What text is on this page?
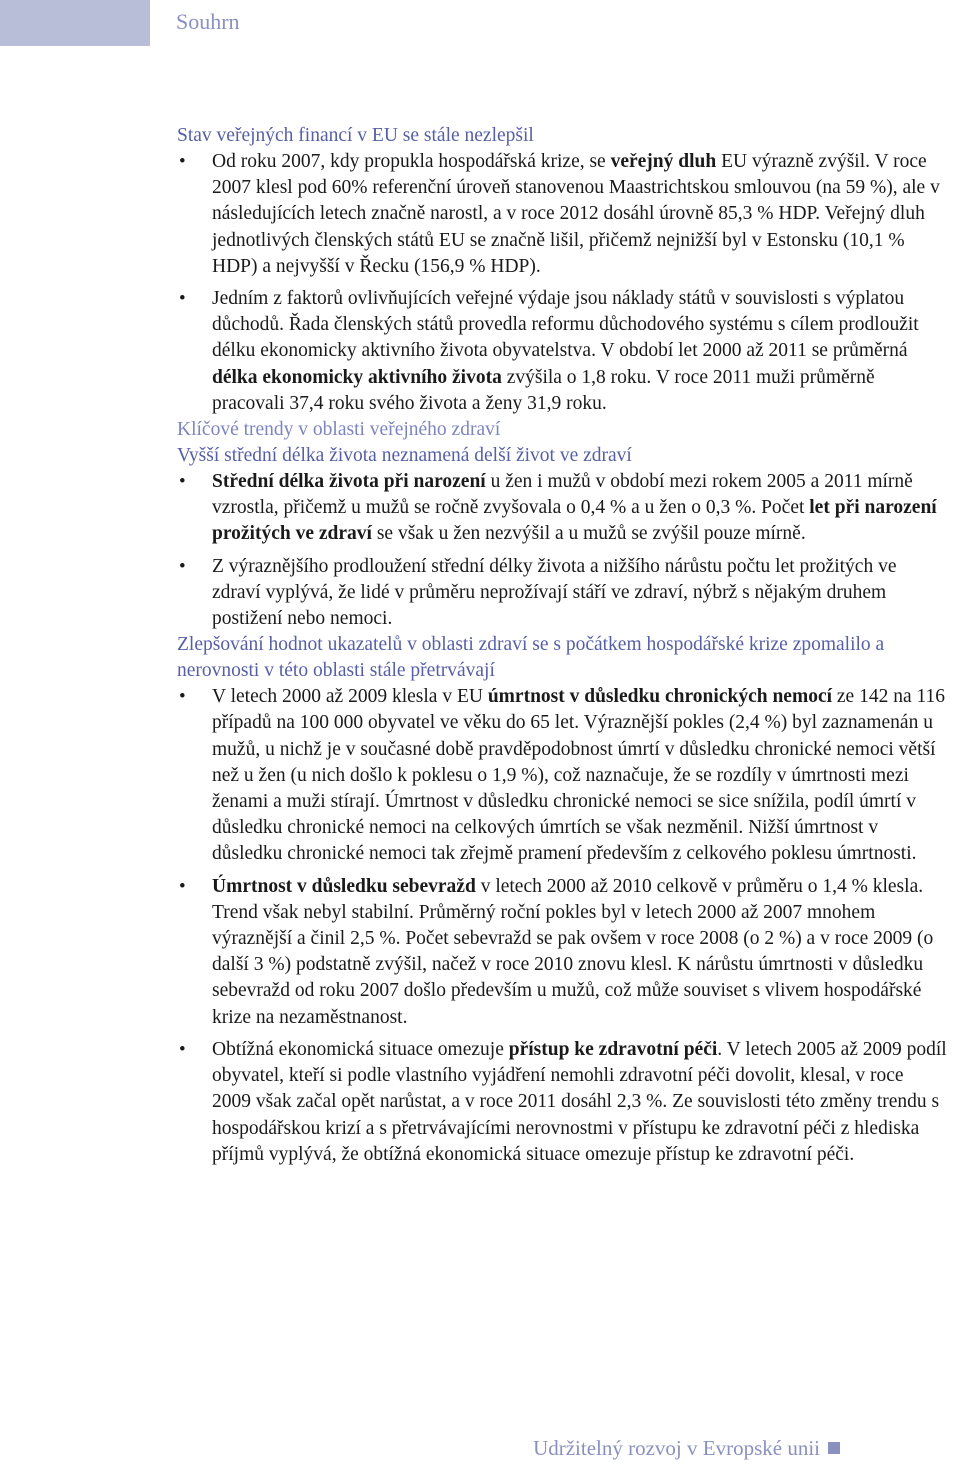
Souhrn

Stav veřejných financí v EU se stále nezlepšil

• Od roku 2007, kdy propukla hospodářská krize, se veřejný dluh EU výrazně zvýšil. V roce 2007 klesl pod 60% referenční úroveň stanovenou Maastrichtskou smlouvou (na 59 %), ale v následujících letech značně narostl, a v roce 2012 dosáhl úrovně 85,3 % HDP. Veřejný dluh jednotlivých členských států EU se značně lišil, přičemž nejnižší byl v Estonsku (10,1 % HDP) a nejvyšší v Řecku (156,9 % HDP).
• Jedním z faktorů ovlivňujících veřejné výdaje jsou náklady států v souvislosti s výplatou důchodů. Řada členských států provedla reformu důchodového systému s cílem prodloužit délku ekonomicky aktivního života obyvatelstva. V období let 2000 až 2011 se průměrná délka ekonomicky aktivního života zvýšila o 1,8 roku. V roce 2011 muži průměrně pracovali 37,4 roku svého života a ženy 31,9 roku.

Klíčové trendy v oblasti veřejného zdraví

Vyšší střední délka života neznamená delší život ve zdraví

• Střední délka života při narození u žen i mužů v období mezi rokem 2005 a 2011 mírně vzrostla, přičemž u mužů se ročně zvyšovala o 0,4 % a u žen o 0,3 %. Počet let při narození prožitých ve zdraví se však u žen nezvýšil a u mužů se zvýšil pouze mírně.
• Z výraznějšího prodloužení střední délky života a nižšího nárůstu počtu let prožitých ve zdraví vyplývá, že lidé v průměru neprožívají stáří ve zdraví, nýbrž s nějakým druhem postižení nebo nemoci.

Zlepšování hodnot ukazatelů v oblasti zdraví se s počátkem hospodářské krize zpomalilo a nerovnosti v této oblasti stále přetrvávají

• V letech 2000 až 2009 klesla v EU úmrtnost v důsledku chronických nemocí ze 142 na 116 případů na 100 000 obyvatel ve věku do 65 let. Výraznější pokles (2,4 %) byl zaznamenán u mužů, u nichž je v současné době pravděpodobnost úmrtí v důsledku chronické nemoci větší než u žen (u nich došlo k poklesu o 1,9 %), což naznačuje, že se rozdíly v úmrtnosti mezi ženami a muži stírají. Úmrtnost v důsledku chronické nemoci se sice snížila, podíl úmrtí v důsledku chronické nemoci na celkových úmrtích se však nezměnil. Nižší úmrtnost v důsledku chronické nemoci tak zřejmě pramení především z celkového poklesu úmrtnosti.
• Úmrtnost v důsledku sebevražd v letech 2000 až 2010 celkově v průměru o 1,4 % klesla. Trend však nebyl stabilní. Průměrný roční pokles byl v letech 2000 až 2007 mnohem výraznější a činil 2,5 %. Počet sebevražd se pak ovšem v roce 2008 (o 2 %) a v roce 2009 (o další 3 %) podstatně zvýšil, načež v roce 2010 znovu klesl. K nárůstu úmrtnosti v důsledku sebevražd od roku 2007 došlo především u mužů, což může souviset s vlivem hospodářské krize na nezaměstnanost.
• Obtížná ekonomická situace omezuje přístup ke zdravotní péči. V letech 2005 až 2009 podíl obyvatel, kteří si podle vlastního vyjádření nemohli zdravotní péči dovolit, klesal, v roce 2009 však začal opět narůstat, a v roce 2011 dosáhl 2,3 %. Ze souvislosti této změny trendu s hospodářskou krizí a s přetrvávajícími nerovnostmi v přístupu ke zdravotní péči z hlediska příjmů vyplývá, že obtížná ekonomická situace omezuje přístup ke zdravotní péči.
Udržitelný rozvoj v Evropské unii
